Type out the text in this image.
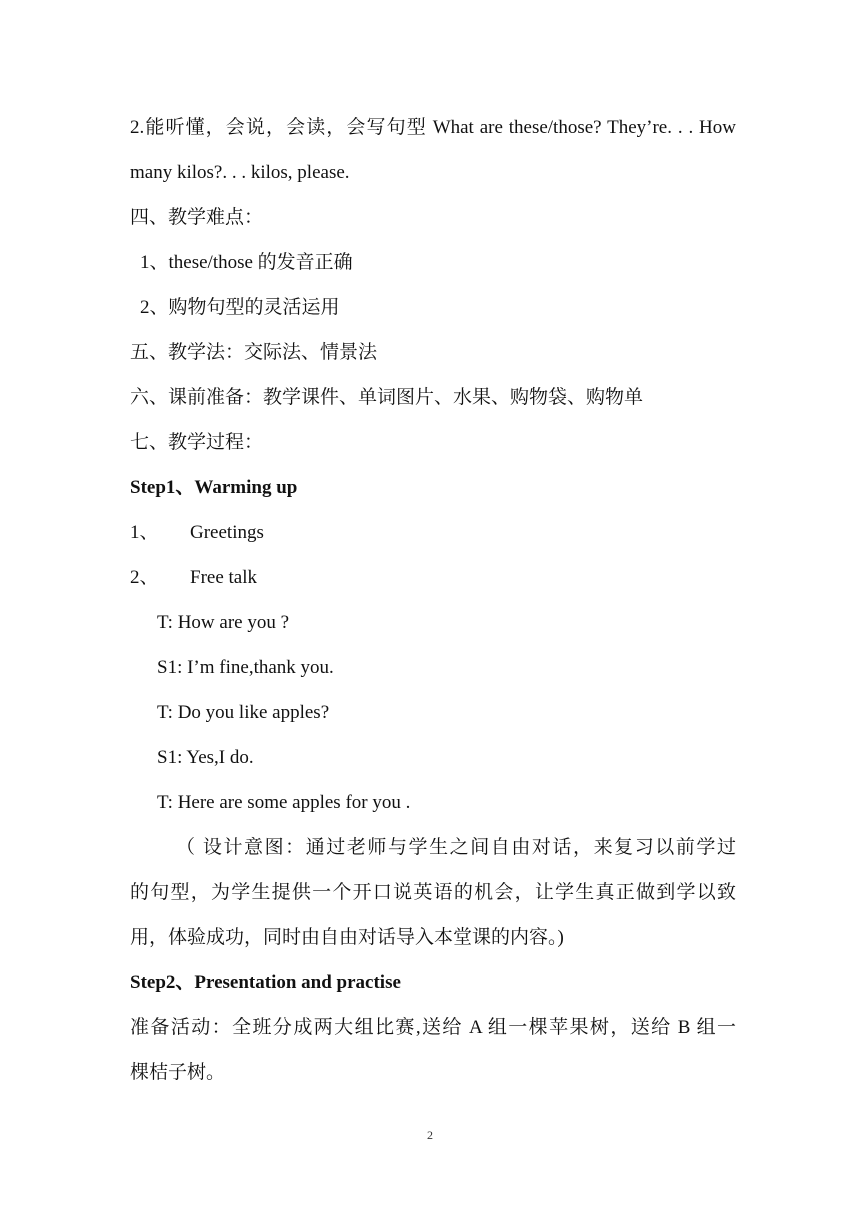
2.能听懂，会说，会读，会写句型 What are these/those? They’re. . . How
many kilos?. . . kilos, please.
四、教学难点：
1、these/those 的发音正确
2、购物句型的灵活运用
五、教学法：交际法、情景法
六、课前准备：教学课件、单词图片、水果、购物袋、购物单
七、教学过程：
Step1、Warming up
1、 Greetings
2、 Free talk
T: How are you ?
S1: I’m fine,thank you.
T: Do you like apples?
S1: Yes,I do.
T: Here are some apples for you .
（ 设计意图：通过老师与学生之间自由对话，来复习以前学过
的句型，为学生提供一个开口说英语的机会，让学生真正做到学以致
用，体验成功，同时由自由对话导入本堂课的内容。)
Step2、Presentation and practise
准备活动：全班分成两大组比赛,送给 A 组一棵苹果树，送给 B 组一
棵桔子树。
2
